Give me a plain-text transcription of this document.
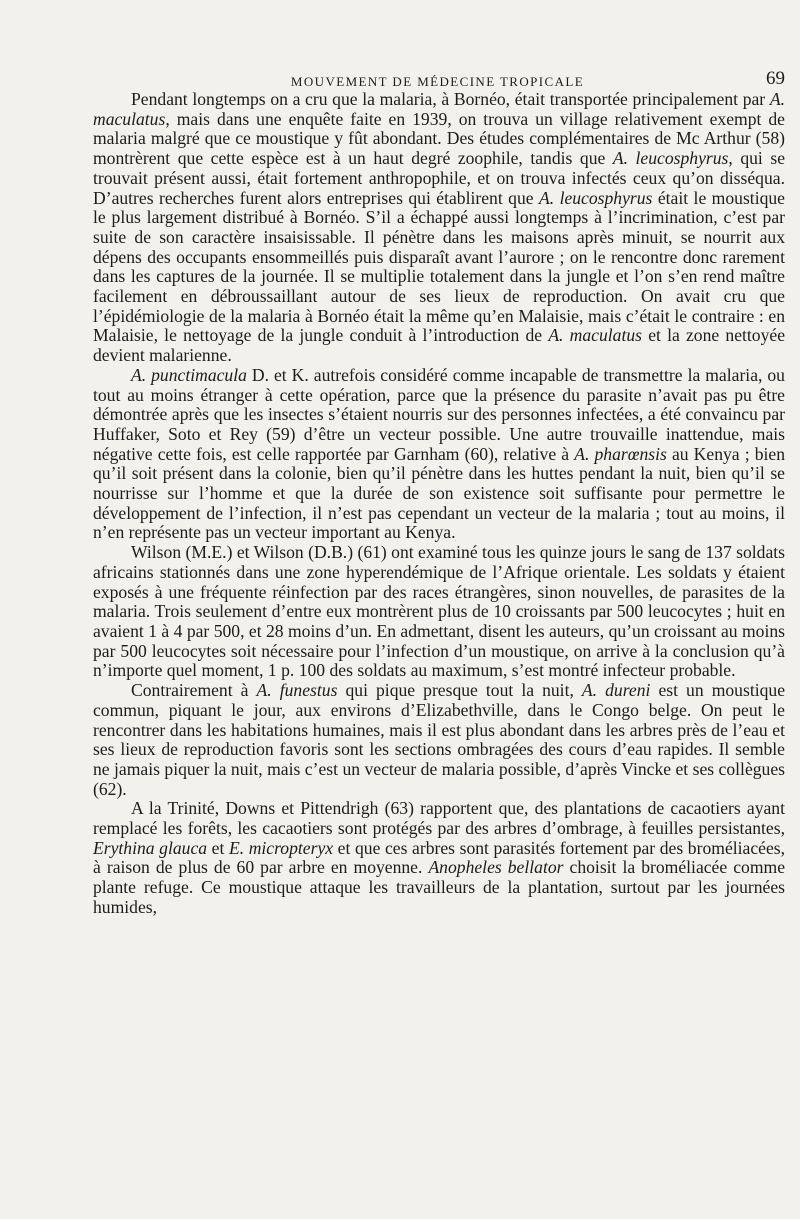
MOUVEMENT DE MÉDECINE TROPICALE	69

Pendant longtemps on a cru que la malaria, à Bornéo, était transportée principalement par A. maculatus, mais dans une enquête faite en 1939, on trouva un village relativement exempt de malaria malgré que ce moustique y fût abondant. Des études complémentaires de Mc Arthur (58) montrèrent que cette espèce est à un haut degré zoophile, tandis que A. leucosphyrus, qui se trouvait présent aussi, était fortement anthropophile, et on trouva infectés ceux qu’on disséqua. D’autres recherches furent alors entreprises qui établirent que A. leucosphyrus était le moustique le plus largement distribué à Bornéo. S’il a échappé aussi longtemps à l’incrimination, c’est par suite de son caractère insaisissable. Il pénètre dans les maisons après minuit, se nourrit aux dépens des occupants ensommeillés puis disparaît avant l’aurore ; on le rencontre donc rarement dans les captures de la journée. Il se multiplie totalement dans la jungle et l’on s’en rend maître facilement en débroussaillant autour de ses lieux de reproduction. On avait cru que l’épidémiologie de la malaria à Bornéo était la même qu’en Malaisie, mais c’était le contraire : en Malaisie, le nettoyage de la jungle conduit à l’introduction de A. maculatus et la zone nettoyée devient malarienne.

A. punctimacula D. et K. autrefois considéré comme incapable de transmettre la malaria, ou tout au moins étranger à cette opération, parce que la présence du parasite n’avait pas pu être démontrée après que les insectes s’étaient nourris sur des personnes infectées, a été convaincu par Huffaker, Soto et Rey (59) d’être un vecteur possible. Une autre trouvaille inattendue, mais négative cette fois, est celle rapportée par Garnham (60), relative à A. pharœnsis au Kenya ; bien qu’il soit présent dans la colonie, bien qu’il pénètre dans les huttes pendant la nuit, bien qu’il se nourrisse sur l’homme et que la durée de son existence soit suffisante pour permettre le développement de l’infection, il n’est pas cependant un vecteur de la malaria ; tout au moins, il n’en représente pas un vecteur important au Kenya.

Wilson (M.E.) et Wilson (D.B.) (61) ont examiné tous les quinze jours le sang de 137 soldats africains stationnés dans une zone hyperendémique de l’Afrique orientale. Les soldats y étaient exposés à une fréquente réinfection par des races étrangères, sinon nouvelles, de parasites de la malaria. Trois seulement d’entre eux montrèrent plus de 10 croissants par 500 leucocytes ; huit en avaient 1 à 4 par 500, et 28 moins d’un. En admettant, disent les auteurs, qu’un croissant au moins par 500 leucocytes soit nécessaire pour l’infection d’un moustique, on arrive à la conclusion qu’à n’importe quel moment, 1 p. 100 des soldats au maximum, s’est montré infecteur probable.

Contrairement à A. funestus qui pique presque tout la nuit, A. dureni est un moustique commun, piquant le jour, aux environs d’Elizabethville, dans le Congo belge. On peut le rencontrer dans les habitations humaines, mais il est plus abondant dans les arbres près de l’eau et ses lieux de reproduction favoris sont les sections ombragées des cours d’eau rapides. Il semble ne jamais piquer la nuit, mais c’est un vecteur de malaria possible, d’après Vincke et ses collègues (62).

A la Trinité, Downs et Pittendrigh (63) rapportent que, des plantations de cacaotiers ayant remplacé les forêts, les cacaotiers sont protégés par des arbres d’ombrage, à feuilles persistantes, Erythina glauca et E. micropteryx et que ces arbres sont parasités fortement par des broméliacées, à raison de plus de 60 par arbre en moyenne. Anopheles bellator choisit la broméliacée comme plante refuge. Ce moustique attaque les travailleurs de la plantation, surtout par les journées humides,
